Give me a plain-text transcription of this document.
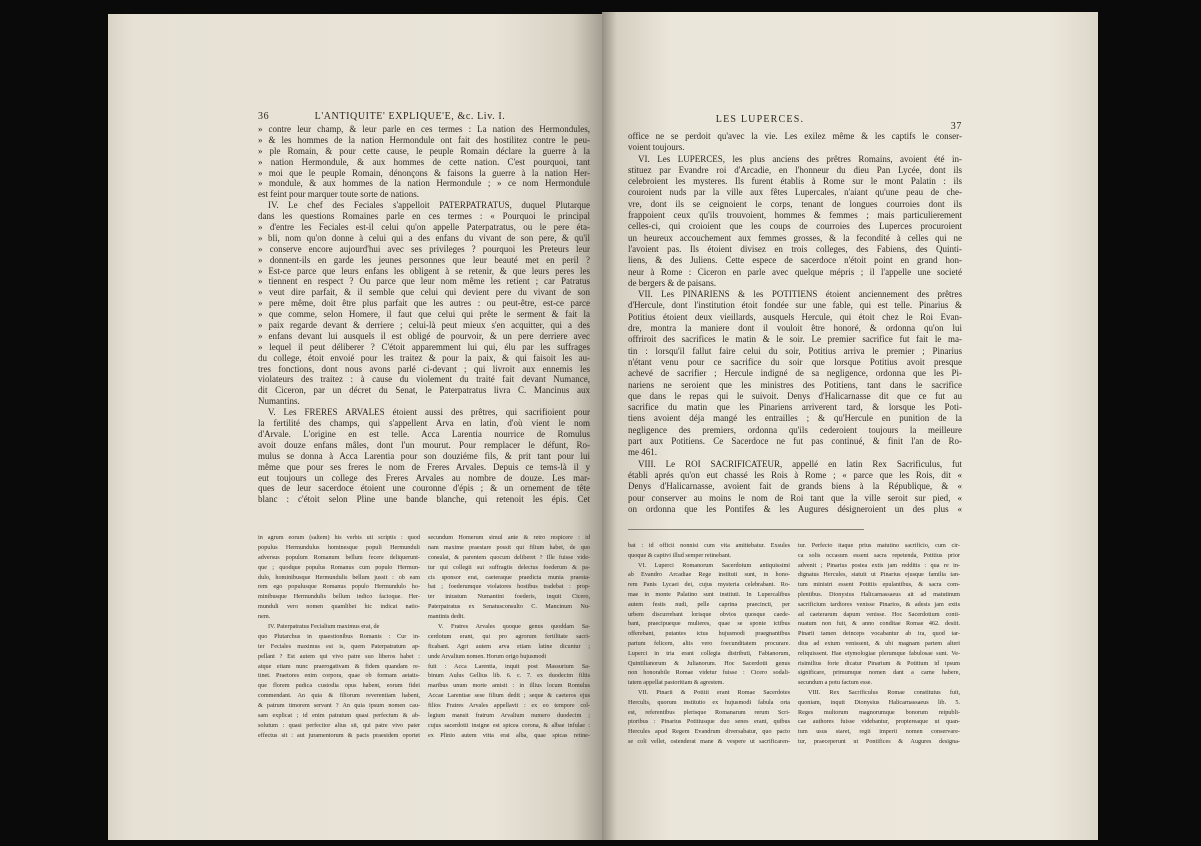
36	L'ANTIQUITE' EXPLIQUE'E, &c. Liv. I.
» contre leur champ, & leur parle en ces termes : La nation des Hermondules,
» & les hommes de la nation Hermondule ont fait des hostilitez contre le peu-
» ple Romain, & pour cette cause, le peuple Romain déclare la guerre à la
» nation Hermondule, & aux hommes de cette nation. C'est pourquoi, tant
» moi que le peuple Romain, dénonçons & faisons la guerre à la nation Her-
» mondule, & aux hommes de la nation Hermondule ; » ce nom Hermondule
est feint pour marquer toute sorte de nations.
IV. Le chef des Feciales s'appelloit PATERPATRATUS, duquel Plutarque
dans les questions Romaines parle en ces termes : « Pourquoi le principal
» d'entre les Feciales est-il celui qu'on appelle Paterpatratus, ou le pere éta-
» bli, nom qu'on donne à celui qui a des enfans du vivant de son pere, & qu'il
» conserve encore aujourd'hui avec ses privileges ? pourquoi les Preteurs leur
» donnent-ils en garde les jeunes personnes que leur beauté met en peril ?
» Est-ce parce que leurs enfans les obligent à se retenir, & que leurs peres les
» tiennent en respect ? Ou parce que leur nom même les retient ; car Patratus
» veut dire parfait, & il semble que celui qui devient pere du vivant de son
» pere même, doit être plus parfait que les autres : ou peut-être, est-ce parce
» que comme, selon Homere, il faut que celui qui prête le serment & fait la
» paix regarde devant & derriere ; celui-là peut mieux s'en acquitter, qui a des
» enfans devant lui ausquels il est obligé de pourvoir, & un pere derriere avec
» lequel il peut déliberer ? C'étoit apparemment lui qui, élu par les suffrages
du college, étoit envoié pour les traitez & pour la paix, & qui faisoit les au-
tres fonctions, dont nous avons parlé ci-devant ; qui livroit aux ennemis les
violateurs des traitez : à cause du violement du traité fait devant Numance,
dit Ciceron, par un décret du Senat, le Paterpatratus livra C. Mancinus aux
Numantins.
V. Les FRERES ARVALES étoient aussi des prêtres, qui sacrifioient pour
la fertilité des champs, qui s'appellent Arva en latin, d'où vient le nom
d'Arvale. L'origine en est telle. Acca Larentia nourrice de Romulus
avoit douze enfans mâles, dont l'un mourut. Pour remplacer le défunt, Ro-
mulus se donna à Acca Larentia pour son douziéme fils, & prit tant pour lui
même que pour ses freres le nom de Freres Arvales. Depuis ce tems-là il y
eut toujours un college des Freres Arvales au nombre de douze. Les mar-
ques de leur sacerdoce étoient une couronne d'épis ; & un ornement de tête
blanc : c'étoit selon Pline une bande blanche, qui retenoit les épis. Cet
in agrum eorum (saltem) his verbis uti scriptis : quod
populus Hermundulus hominesque populi Hermunduli
adversus populum Romanum bellum fecere deliquerunt-
que ; quodque populus Romanus cum populo Hermun-
dulo, hominibusque Hermundulis bellum jussit : ob eam
rem ego populusque Romanus populo Hermundulo ho-
minibusque Hermundulis bellum indico facioque. Her-
munduli vero nomen quamlibet hic indicat natio-
nem.
IV. Paterpatratus Fecialium maximus erat, de
quo Plutarchus in quaestionibus Romanis : Cur in-
ter Feciales maximus est is, quem Paterpatratum ap-
pellant ? Est autem qui vivo patre suo liberos habet :
atque etiam nunc praerogativam & fidem quandam re-
tinet. Praetores enim corpora, quae ob formam aetatis-
que florem pudica custodia opus habent, eorum fidei
commendant. An quia & filiorum reverentiam habent,
& patrum timorem servant ? An quia ipsum nomen cau-
sam explicat ; id enim patratum quasi perfectum & ab-
solutum : quasi perfectior alius sit, qui patre vivo pater
effectus sit : aut juramentorum & pacis praesidem oportet
secundum Homerum simul ante & retro respicere : id
nam maxime praestare possit qui filium habet, de quo
consulat, & parentem quocum deliberet ? Ille fuisse vide-
tur qui collegii sui suffragiis delectus foederum & pa-
cis sponsor erat, caeteraque praedicta munia praesta-
bat ; foederumque violatores hostibus tradebat : prop-
ter iniustum Numantini foederis, inquit Cicero,
Paterpatratus ex Senatusconsulto C. Mancinum Nu-
mantinis dedit.
V. Fratres Arvales quoque genus quoddam Sa-
cerdotum erant, qui pro agrorum fertilitate sacri-
ficabant. Agri autem arva etiam latine dicuntur ;
unde Arvalium nomen. Horum origo hujusmodi
fuit : Acca Larentia, inquit post Massurium Sa-
binum Aulus Gellius lib. 6. c. 7. ex duodecim filiis
maribus unum morte amisit : in illius locum Romulus
Accae Larentiae sese filium dedit ; seque & caeteros ejus
filios Fratres Arvales appellavit : ex eo tempore col-
legium mansit fratrum Arvalium numero duodecim ;
cujus sacerdotii insigne est spicea corona, & albae infulae :
ex Plinio autem vitta erat alba, quae spicas retine-
LES LUPERCES.
37
office ne se perdoit qu'avec la vie. Les exilez même & les captifs le conser-
voient toujours.
VI. Les LUPERCES, les plus anciens des prêtres Romains, avoient été in-
stituez par Evandre roi d'Arcadie, en l'honneur du dieu Pan Lycée, dont ils
celebroient les mysteres. Ils furent établis à Rome sur le mont Palatin : ils
couroient nuds par la ville aux fêtes Lupercales, n'aiant qu'une peau de che-
vre, dont ils se ceignoient le corps, tenant de longues courroies dont ils
frappoient ceux qu'ils trouvoient, hommes & femmes ; mais particulierement
celles-ci, qui croioient que les coups de courroies des Luperces procuroient
un heureux accouchement aux femmes grosses, & la fecondité à celles qui ne
l'avoient pas. Ils étoient divisez en trois colleges, des Fabiens, des Quinti-
liens, & des Juliens. Cette espece de sacerdoce n'étoit point en grand hon-
neur à Rome : Ciceron en parle avec quelque mépris ; il l'appelle une societé
de bergers & de paisans.
VII. Les PINARIENS & les POTITIENS étoient anciennement des prêtres
d'Hercule, dont l'institution étoit fondée sur une fable, qui est telle. Pinarius &
Potitius étoient deux vieillards, ausquels Hercule, qui étoit chez le Roi Evan-
dre, montra la maniere dont il vouloit être honoré, & ordonna qu'on lui
offriroit des sacrifices le matin & le soir. Le premier sacrifice fut fait le ma-
tin : lorsqu'il fallut faire celui du soir, Potitius arriva le premier ; Pinarius
n'étant venu pour ce sacrifice du soir que lorsque Potitius avoit presque
achevé de sacrifier ; Hercule indigné de sa negligence, ordonna que les Pi-
nariens ne seroient que les ministres des Potitiens, tant dans le sacrifice
que dans le repas qui le suivoit. Denys d'Halicarnasse dit que ce fut au
sacrifice du matin que les Pinariens arriverent tard, & lorsque les Poti-
tiens avoient déja mangé les entrailles ; & qu'Hercule en punition de la
negligence des premiers, ordonna qu'ils cederoient toujours la meilleure
part aux Potitiens. Ce Sacerdoce ne fut pas continué, & finit l'an de Ro-
me 461.
VIII. Le ROI SACRIFICATEUR, appellé en latin Rex Sacrificulus, fut
établi aprés qu'on eut chassé les Rois à Rome ; « parce que les Rois, dit «
Denys d'Halicarnasse, avoient fait de grands biens à la République, & «
pour conserver au moins le nom de Roi tant que la ville seroit sur pied, «
on ordonna que les Pontifes & les Augures désigneroient un des plus «
bat : id officii nonnisi cum vita amittebatur. Exsules
quoque & captivi illud semper retinebant.
VI. Luperci Romanorum Sacerdotum antiquissimi
ab Evandro Arcadiae Rege instituti sunt, in hono-
rem Panis Lycaei dei, cujus mysteria celebrabant. Ro-
mae in monte Palatino sunt instituti. In Lupercalibus
autem festis nudi, pelle caprina praecincti, per
urbem discurrebant lorisque obvios quosque caede-
bant, praecipueque mulieres, quae se sponte ictibus
offerebant, putantes ictus hujusmodi praegnantibus
partum felicem, aliis vero foecunditatem procurare.
Luperci in tria erant collegia distributi, Fabianorum,
Quintilianorum & Julianorum. Hoc Sacerdotii genus
non honorabile Romae videtur fuisse : Cicero sodali-
tatem appellat pastoritiam & agrestem.
VII. Pinarii & Potitii erant Romae Sacerdotes
Herculis, quorum institutio ex hujusmodi fabula orta
est, referentibus plerisque Romanarum rerum Scri-
ptoribus : Pinarius Potitiusque duo senes erant, quibus
Hercules apud Regem Evandrum diversabatur, quo pacto
se coli vellet, ostenderat mane & vespere ut sacrificaren-
tur. Perfecto itaque prius matutino sacrificio, cum cir-
ca solis occasum essent sacra repetenda, Potitius prior
advenit ; Pinarius postea extis jam redditis : qua re in-
dignatus Hercules, statuit ut Pinarius ejusque familia tan-
tum ministri essent Potitiis epulantibus, & sacra com-
plentibus. Dionysius Halicarnassaeus ait ad matutinum
sacrificium tardiores venisse Pinarios, & adesis jam extis
ad caeterarum dapum venisse. Hoc Sacerdotium conti-
nuatum non fuit, & anno conditae Romae 462. desiit.
Pinarii tamen deinceps vocabantur ab ira, quod tar-
dius ad extum venissent, & ubi magnam partem alteri
reliquissent. Hae etymologiae plerumque fabulosae sunt. Ve-
risimilius forte dicatur Pinarium & Potitium id ipsum
significare, primumque nomen dant a carne habere,
secundum a potu factum esse.
VIII. Rex Sacrificulus Romae constitutus fuit,
quoniam, inquit Dionysius Halicarnassaeus lib. 5.
Reges multorum magnorumque bonorum reipubli-
cae authores fuisse videbantur, proptereaque ut quan-
tum usus staret, regii imperii nomen conservare-
tur, praeceperunt ut Pontifices & Augures designa-
